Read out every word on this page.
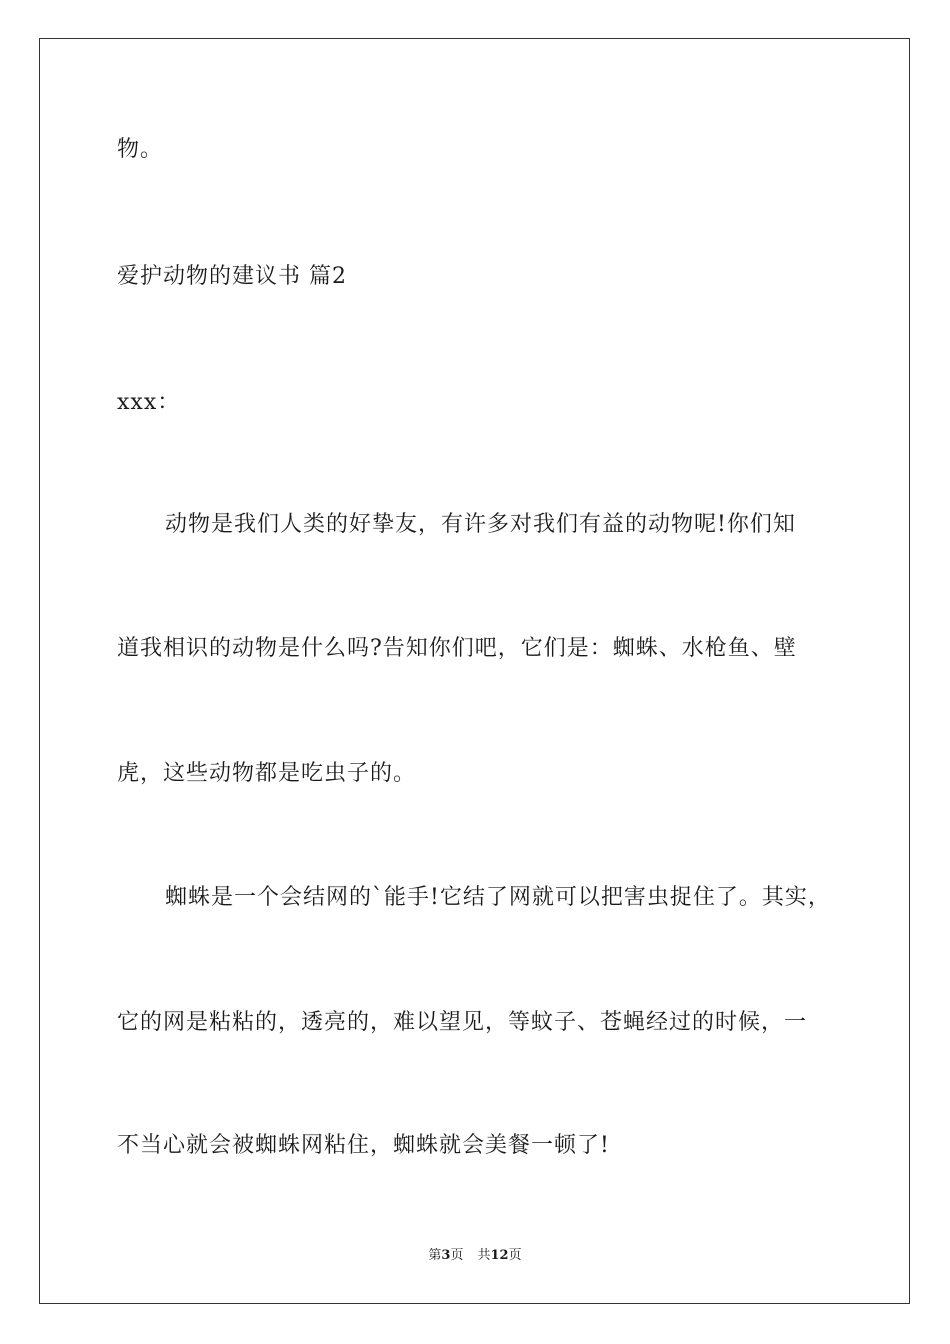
物。
爱护动物的建议书 篇2
xxx：
动物是我们人类的好挚友，有许多对我们有益的动物呢!你们知
道我相识的动物是什么吗?告知你们吧，它们是：蜘蛛、水枪鱼、壁
虎，这些动物都是吃虫子的。
蜘蛛是一个会结网的`能手!它结了网就可以把害虫捉住了。其实，
它的网是粘粘的，透亮的，难以望见，等蚊子、苍蝇经过的时候，一
不当心就会被蜘蛛网粘住，蜘蛛就会美餐一顿了!
第3页 共12页
